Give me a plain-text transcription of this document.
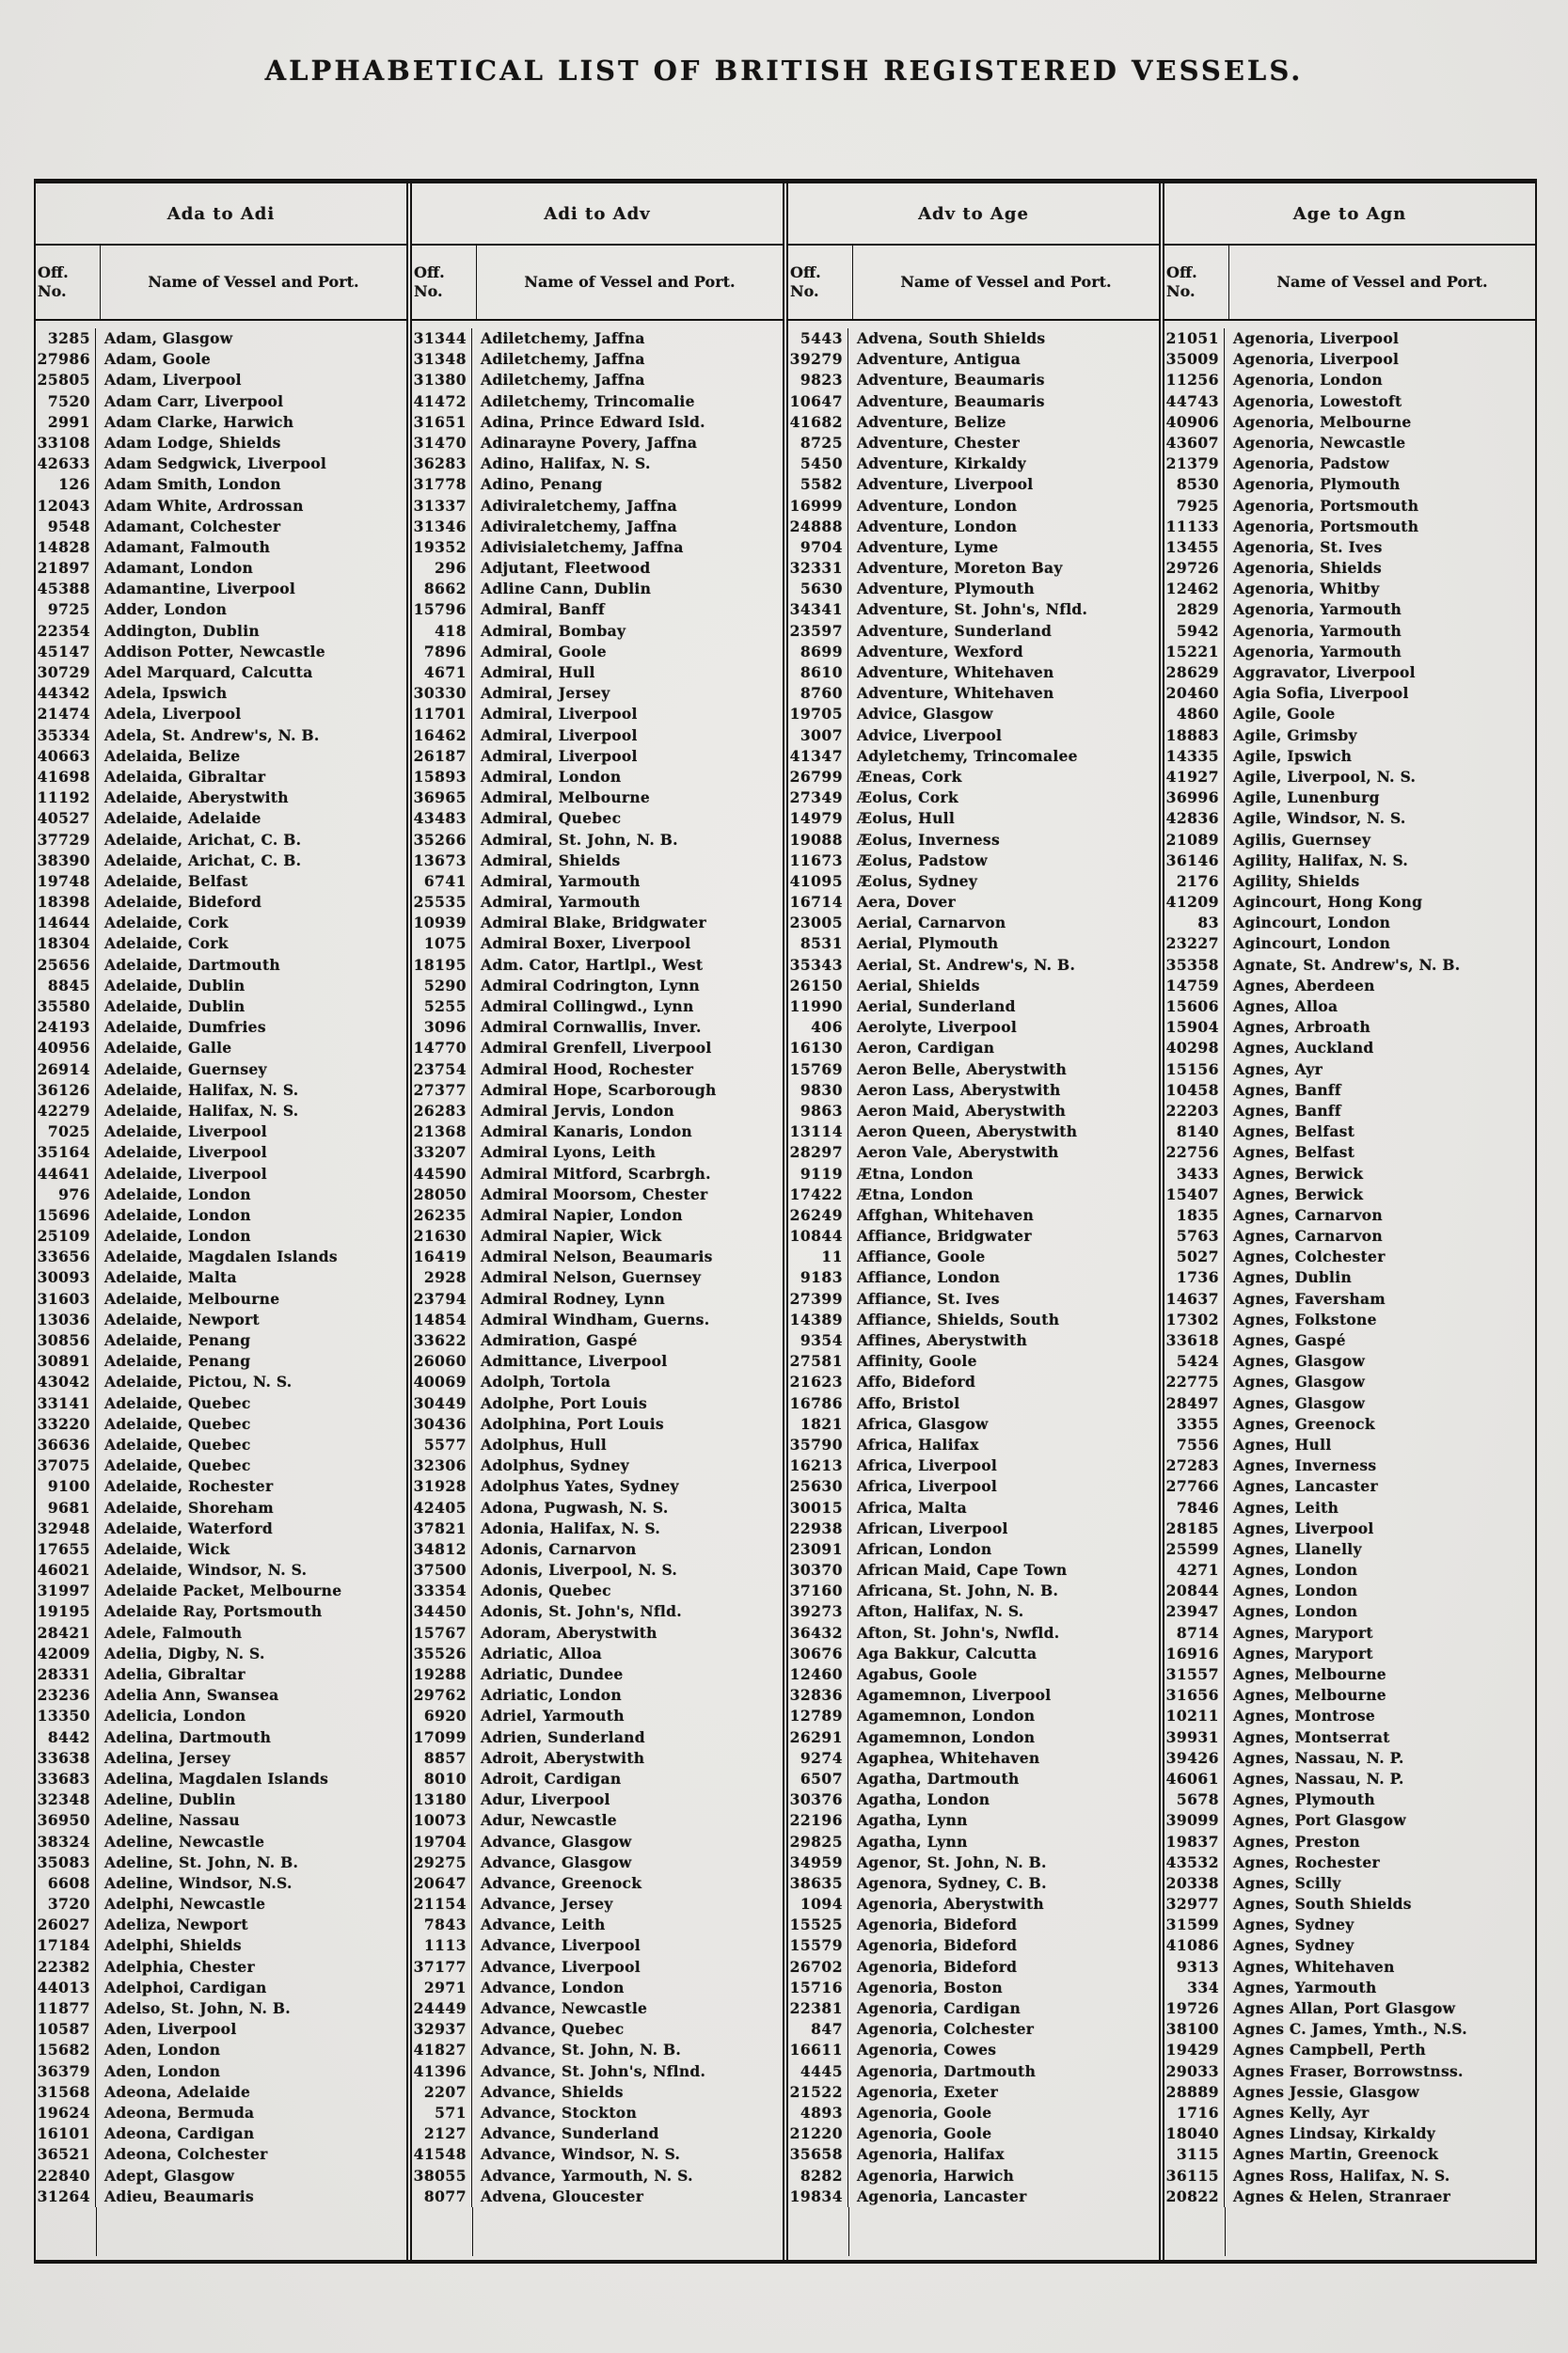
ALPHABETICAL LIST OF BRITISH REGISTERED VESSELS.
Ada to Adi
Off. No.
Name of Vessel and Port.
3285 Adam, Glasgow
27986 Adam, Goole
25805 Adam, Liverpool
7520 Adam Carr, Liverpool
2991 Adam Clarke, Harwich
33108 Adam Lodge, Shields
42633 Adam Sedgwick, Liverpool
126 Adam Smith, London
12043 Adam White, Ardrossan
9548 Adamant, Colchester
14828 Adamant, Falmouth
21897 Adamant, London
45388 Adamantine, Liverpool
9725 Adder, London
22354 Addington, Dublin
45147 Addison Potter, Newcastle
30729 Adel Marquard, Calcutta
44342 Adela, Ipswich
21474 Adela, Liverpool
35334 Adela, St. Andrew's, N. B.
40663 Adelaida, Belize
41698 Adelaida, Gibraltar
11192 Adelaide, Aberystwith
40527 Adelaide, Adelaide
37729 Adelaide, Arichat, C. B.
38390 Adelaide, Arichat, C. B.
19748 Adelaide, Belfast
18398 Adelaide, Bideford
14644 Adelaide, Cork
18304 Adelaide, Cork
25656 Adelaide, Dartmouth
8845 Adelaide, Dublin
35580 Adelaide, Dublin
24193 Adelaide, Dumfries
40956 Adelaide, Galle
26914 Adelaide, Guernsey
36126 Adelaide, Halifax, N. S.
42279 Adelaide, Halifax, N. S.
7025 Adelaide, Liverpool
35164 Adelaide, Liverpool
44641 Adelaide, Liverpool
976 Adelaide, London
15696 Adelaide, London
25109 Adelaide, London
33656 Adelaide, Magdalen Islands
30093 Adelaide, Malta
31603 Adelaide, Melbourne
13036 Adelaide, Newport
30856 Adelaide, Penang
30891 Adelaide, Penang
43042 Adelaide, Pictou, N. S.
33141 Adelaide, Quebec
33220 Adelaide, Quebec
36636 Adelaide, Quebec
37075 Adelaide, Quebec
9100 Adelaide, Rochester
9681 Adelaide, Shoreham
32948 Adelaide, Waterford
17655 Adelaide, Wick
46021 Adelaide, Windsor, N. S.
31997 Adelaide Packet, Melbourne
19195 Adelaide Ray, Portsmouth
28421 Adele, Falmouth
42009 Adelia, Digby, N. S.
28331 Adelia, Gibraltar
23236 Adelia Ann, Swansea
13350 Adelicia, London
8442 Adelina, Dartmouth
33638 Adelina, Jersey
33683 Adelina, Magdalen Islands
32348 Adeline, Dublin
36950 Adeline, Nassau
38324 Adeline, Newcastle
35083 Adeline, St. John, N. B.
6608 Adeline, Windsor, N.S.
3720 Adelphi, Newcastle
26027 Adeliza, Newport
17184 Adelphi, Shields
22382 Adelphia, Chester
44013 Adelphoi, Cardigan
11877 Adelso, St. John, N. B.
10587 Aden, Liverpool
15682 Aden, London
36379 Aden, London
31568 Adeona, Adelaide
19624 Adeona, Bermuda
16101 Adeona, Cardigan
36521 Adeona, Colchester
22840 Adept, Glasgow
31264 Adieu, Beaumaris
Adi to Adv
Off. No.
Name of Vessel and Port.
31344 Adiletchemy, Jaffna
31348 Adiletchemy, Jaffna
31380 Adiletchemy, Jaffna
41472 Adiletchemy, Trincomalie
31651 Adina, Prince Edward Isld.
31470 Adinarayne Povery, Jaffna
36283 Adino, Halifax, N. S.
31778 Adino, Penang
31337 Adiviraletchemy, Jaffna
31346 Adiviraletchemy, Jaffna
19352 Adivisialetchemy, Jaffna
296 Adjutant, Fleetwood
8662 Adline Cann, Dublin
15796 Admiral, Banff
418 Admiral, Bombay
7896 Admiral, Goole
4671 Admiral, Hull
30330 Admiral, Jersey
11701 Admiral, Liverpool
16462 Admiral, Liverpool
26187 Admiral, Liverpool
15893 Admiral, London
36965 Admiral, Melbourne
43483 Admiral, Quebec
35266 Admiral, St. John, N. B.
13673 Admiral, Shields
6741 Admiral, Yarmouth
25535 Admiral, Yarmouth
10939 Admiral Blake, Bridgwater
1075 Admiral Boxer, Liverpool
18195 Adm. Cator, Hartlpl., West
5290 Admiral Codrington, Lynn
5255 Admiral Collingwd., Lynn
3096 Admiral Cornwallis, Inver.
14770 Admiral Grenfell, Liverpool
23754 Admiral Hood, Rochester
27377 Admiral Hope, Scarborough
26283 Admiral Jervis, London
21368 Admiral Kanaris, London
33207 Admiral Lyons, Leith
44590 Admiral Mitford, Scarbrgh.
28050 Admiral Moorsom, Chester
26235 Admiral Napier, London
21630 Admiral Napier, Wick
16419 Admiral Nelson, Beaumaris
2928 Admiral Nelson, Guernsey
23794 Admiral Rodney, Lynn
14854 Admiral Windham, Guerns.
33622 Admiration, Gaspé
26060 Admittance, Liverpool
40069 Adolph, Tortola
30449 Adolphe, Port Louis
30436 Adolphina, Port Louis
5577 Adolphus, Hull
32306 Adolphus, Sydney
31928 Adolphus Yates, Sydney
42405 Adona, Pugwash, N. S.
37821 Adonia, Halifax, N. S.
34812 Adonis, Carnarvon
37500 Adonis, Liverpool, N. S.
33354 Adonis, Quebec
34450 Adonis, St. John's, Nfld.
15767 Adoram, Aberystwith
35526 Adriatic, Alloa
19288 Adriatic, Dundee
29762 Adriatic, London
6920 Adriel, Yarmouth
17099 Adrien, Sunderland
8857 Adroit, Aberystwith
8010 Adroit, Cardigan
13180 Adur, Liverpool
10073 Adur, Newcastle
19704 Advance, Glasgow
29275 Advance, Glasgow
20647 Advance, Greenock
21154 Advance, Jersey
7843 Advance, Leith
1113 Advance, Liverpool
37177 Advance, Liverpool
2971 Advance, London
24449 Advance, Newcastle
32937 Advance, Quebec
41827 Advance, St. John, N. B.
41396 Advance, St. John's, Nflnd.
2207 Advance, Shields
571 Advance, Stockton
2127 Advance, Sunderland
41548 Advance, Windsor, N. S.
38055 Advance, Yarmouth, N. S.
8077 Advena, Gloucester
Adv to Age
Off. No.
Name of Vessel and Port.
5443 Advena, South Shields
39279 Adventure, Antigua
9823 Adventure, Beaumaris
10647 Adventure, Beaumaris
41682 Adventure, Belize
8725 Adventure, Chester
5450 Adventure, Kirkaldy
5582 Adventure, Liverpool
16999 Adventure, London
24888 Adventure, London
9704 Adventure, Lyme
32331 Adventure, Moreton Bay
5630 Adventure, Plymouth
34341 Adventure, St. John's, Nfld.
23597 Adventure, Sunderland
8699 Adventure, Wexford
8610 Adventure, Whitehaven
8760 Adventure, Whitehaven
19705 Advice, Glasgow
3007 Advice, Liverpool
41347 Adyletchemy, Trincomalee
26799 Æneas, Cork
27349 Æolus, Cork
14979 Æolus, Hull
19088 Æolus, Inverness
11673 Æolus, Padstow
41095 Æolus, Sydney
16714 Aera, Dover
23005 Aerial, Carnarvon
8531 Aerial, Plymouth
35343 Aerial, St. Andrew's, N. B.
26150 Aerial, Shields
11990 Aerial, Sunderland
406 Aerolyte, Liverpool
16130 Aeron, Cardigan
15769 Aeron Belle, Aberystwith
9830 Aeron Lass, Aberystwith
9863 Aeron Maid, Aberystwith
13114 Aeron Queen, Aberystwith
28297 Aeron Vale, Aberystwith
9119 Ætna, London
17422 Ætna, London
26249 Affghan, Whitehaven
10844 Affiance, Bridgwater
11 Affiance, Goole
9183 Affiance, London
27399 Affiance, St. Ives
14389 Affiance, Shields, South
9354 Affines, Aberystwith
27581 Affinity, Goole
21623 Affo, Bideford
16786 Affo, Bristol
1821 Africa, Glasgow
35790 Africa, Halifax
16213 Africa, Liverpool
25630 Africa, Liverpool
30015 Africa, Malta
22938 African, Liverpool
23091 African, London
30370 African Maid, Cape Town
37160 Africana, St. John, N. B.
39273 Afton, Halifax, N. S.
36432 Afton, St. John's, Nwfld.
30676 Aga Bakkur, Calcutta
12460 Agabus, Goole
32836 Agamemnon, Liverpool
12789 Agamemnon, London
26291 Agamemnon, London
9274 Agaphea, Whitehaven
6507 Agatha, Dartmouth
30376 Agatha, London
22196 Agatha, Lynn
29825 Agatha, Lynn
34959 Agenor, St. John, N. B.
38635 Agenora, Sydney, C. B.
1094 Agenoria, Aberystwith
15525 Agenoria, Bideford
15579 Agenoria, Bideford
26702 Agenoria, Bideford
15716 Agenoria, Boston
22381 Agenoria, Cardigan
847 Agenoria, Colchester
16611 Agenoria, Cowes
4445 Agenoria, Dartmouth
21522 Agenoria, Exeter
4893 Agenoria, Goole
21220 Agenoria, Goole
35658 Agenoria, Halifax
8282 Agenoria, Harwich
19834 Agenoria, Lancaster
Age to Agn
Off. No.
Name of Vessel and Port.
21051 Agenoria, Liverpool
35009 Agenoria, Liverpool
11256 Agenoria, London
44743 Agenoria, Lowestoft
40906 Agenoria, Melbourne
43607 Agenoria, Newcastle
21379 Agenoria, Padstow
8530 Agenoria, Plymouth
7925 Agenoria, Portsmouth
11133 Agenoria, Portsmouth
13455 Agenoria, St. Ives
29726 Agenoria, Shields
12462 Agenoria, Whitby
2829 Agenoria, Yarmouth
5942 Agenoria, Yarmouth
15221 Agenoria, Yarmouth
28629 Aggravator, Liverpool
20460 Agia Sofia, Liverpool
4860 Agile, Goole
18883 Agile, Grimsby
14335 Agile, Ipswich
41927 Agile, Liverpool, N. S.
36996 Agile, Lunenburg
42836 Agile, Windsor, N. S.
21089 Agilis, Guernsey
36146 Agility, Halifax, N. S.
2176 Agility, Shields
41209 Agincourt, Hong Kong
83 Agincourt, London
23227 Agincourt, London
35358 Agnate, St. Andrew's, N. B.
14759 Agnes, Aberdeen
15606 Agnes, Alloa
15904 Agnes, Arbroath
40298 Agnes, Auckland
15156 Agnes, Ayr
10458 Agnes, Banff
22203 Agnes, Banff
8140 Agnes, Belfast
22756 Agnes, Belfast
3433 Agnes, Berwick
15407 Agnes, Berwick
1835 Agnes, Carnarvon
5763 Agnes, Carnarvon
5027 Agnes, Colchester
1736 Agnes, Dublin
14637 Agnes, Faversham
17302 Agnes, Folkstone
33618 Agnes, Gaspé
5424 Agnes, Glasgow
22775 Agnes, Glasgow
28497 Agnes, Glasgow
3355 Agnes, Greenock
7556 Agnes, Hull
27283 Agnes, Inverness
27766 Agnes, Lancaster
7846 Agnes, Leith
28185 Agnes, Liverpool
25599 Agnes, Llanelly
4271 Agnes, London
20844 Agnes, London
23947 Agnes, London
8714 Agnes, Maryport
16916 Agnes, Maryport
31557 Agnes, Melbourne
31656 Agnes, Melbourne
10211 Agnes, Montrose
39931 Agnes, Montserrat
39426 Agnes, Nassau, N. P.
46061 Agnes, Nassau, N. P.
5678 Agnes, Plymouth
39099 Agnes, Port Glasgow
19837 Agnes, Preston
43532 Agnes, Rochester
20338 Agnes, Scilly
32977 Agnes, South Shields
31599 Agnes, Sydney
41086 Agnes, Sydney
9313 Agnes, Whitehaven
334 Agnes, Yarmouth
19726 Agnes Allan, Port Glasgow
38100 Agnes C. James, Ymth., N.S.
19429 Agnes Campbell, Perth
29033 Agnes Fraser, Borrowstnss.
28889 Agnes Jessie, Glasgow
1716 Agnes Kelly, Ayr
18040 Agnes Lindsay, Kirkaldy
3115 Agnes Martin, Greenock
36115 Agnes Ross, Halifax, N. S.
20822 Agnes & Helen, Stranraer
